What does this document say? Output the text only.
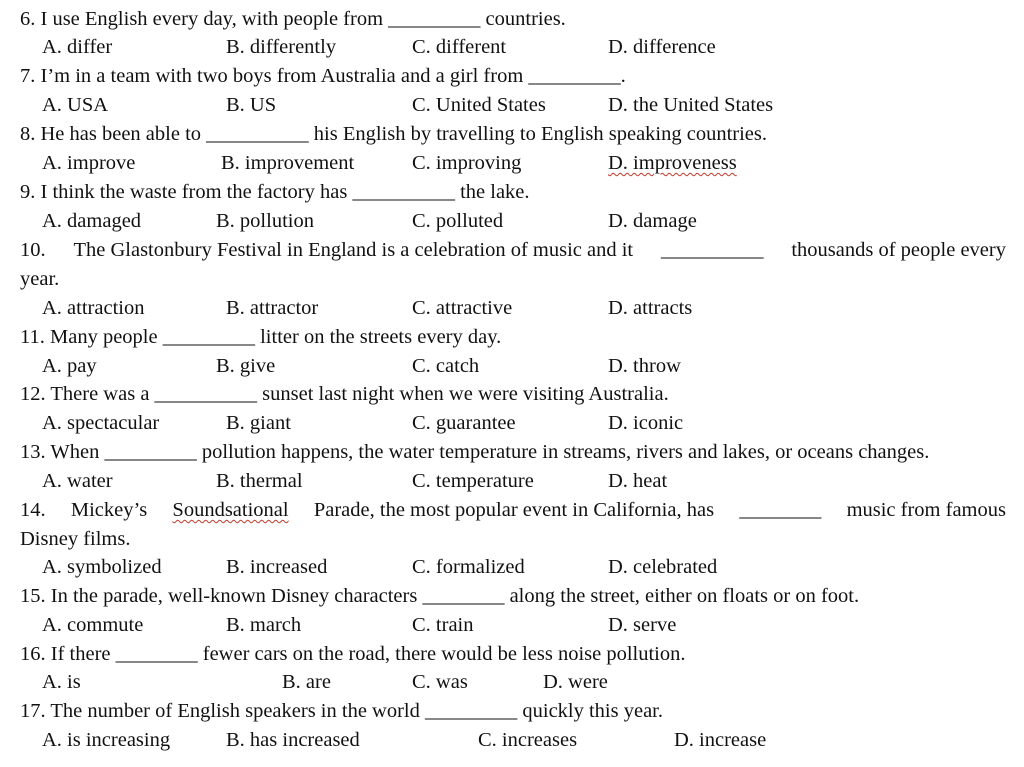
6. I use English every day, with people from _________ countries.
A. differ	B. differently	C. different	D. difference
7. I’m in a team with two boys from Australia and a girl from _________.
A. USA	B. US	C. United States	D. the United States
8. He has been able to __________ his English by travelling to English speaking countries.
A. improve	B. improvement	C. improving	D. improveness
9. I think the waste from the factory has __________ the lake.
A. damaged	B. pollution	C. polluted	D. damage
10. The Glastonbury Festival in England is a celebration of music and it __________ thousands of people every
year.
A. attraction	B. attractor	C. attractive	D. attracts
11. Many people _________ litter on the streets every day.
A. pay	B. give	C. catch	D. throw
12. There was a __________ sunset last night when we were visiting Australia.
A. spectacular	B. giant	C. guarantee	D. iconic
13. When _________ pollution happens, the water temperature in streams, rivers and lakes, or oceans changes.
A. water	B. thermal	C. temperature	D. heat
14. Mickey’s Soundsational Parade, the most popular event in California, has ________ music from famous
Disney films.
A. symbolized	B. increased	C. formalized	D. celebrated
15. In the parade, well-known Disney characters ________ along the street, either on floats or on foot.
A. commute	B. march	C. train	D. serve
16. If there ________ fewer cars on the road, there would be less noise pollution.
A. is	B. are	C. was	D. were
17. The number of English speakers in the world _________ quickly this year.
A. is increasing	B. has increased	C. increases	D. increase
